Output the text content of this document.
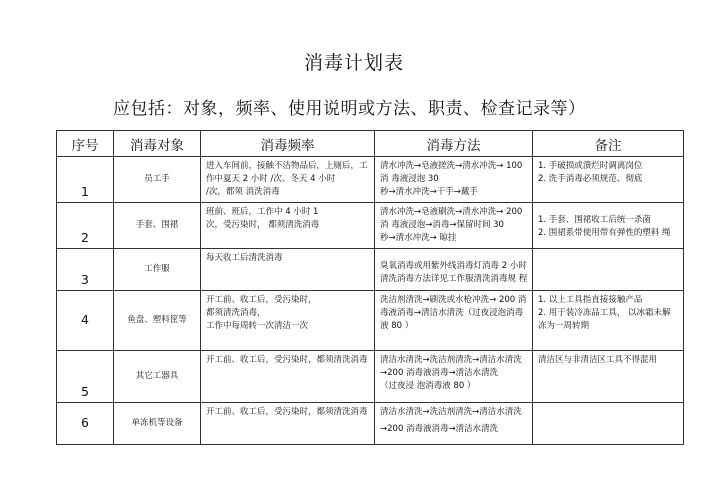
消毒计划表
应包括：对象，频率、使用说明或方法、职责、检查记录等）
序号	消毒对象	消毒频率	消毒方法	备注

1	员工手	进入车间前，接触不洁物品后，上厕后，工
作中夏天 2 小时 /次、冬天 4 小时
/次，都须 消洗消毒	清水冲洗→皂液搓洗→清水冲洗→ 100
消 毒液浸泡 30
秒→清水冲洗→干手→戴手	1. 手破损或溃烂时调离岗位
2. 洗手消毒必须规范、彻底

2	手套、围裙	班前、班后，工作中 4 小时 1
次，受污染时， 都须清洗消毒	清水冲洗→皂液刷洗→清水冲洗→ 200
消 毒液浸泡→消毒→保留时间 30
秒→清水冲洗→ 晾挂	1. 手套、围裙收工后统一杀菌
2. 围裙系带使用带有弹性的塑料 绳

3	工作服	每天收工后清洗消毒	臭氧消毒或用紫外线消毒灯消毒 2 小时
清洗消毒方法详见工作服清洗消毒规 程	

4	鱼盘、塑料筐等	开工前、收工后，受污染时，
都须清洗消毒，
工作中每周转一次清洁一次	洗洁剂清洗→刷洗或水枪冲洗→ 200 消
毒液消毒→清洁水清洗（过夜浸泡消毒
液 80 ）	1. 以上工具指直接接触产品
2. 用于装冷冻品工具， 以冰霜未解
冻为一周转期

5	其它工器具	开工前、收工后，受污染时，都须清洗消毒	清洁水清洗→洗洁剂清洗→清洁水清洗
→200 消毒液消毒→清洁水清洗
（过夜浸 泡消毒液 80 ）	清洁区与非清洁区工具不得混用

6	单冻机等设备	开工前、收工后，受污染时，都须清洗消毒	清洁水清洗→洗洁剂清洗→清洁水清洗
→200 消毒液消毒→清洁水清洗	
